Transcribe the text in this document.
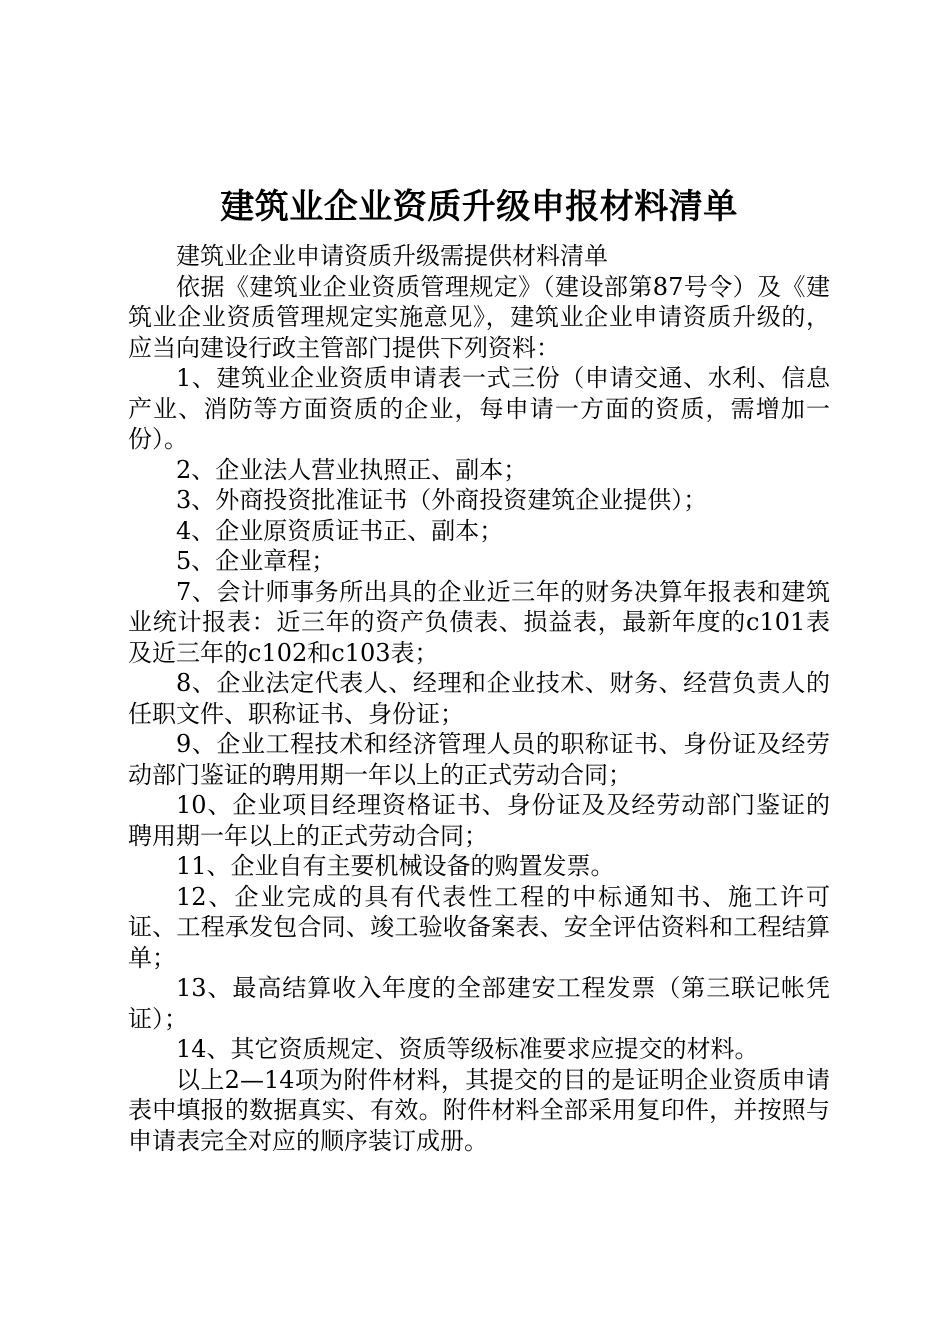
建筑业企业资质升级申报材料清单

建筑业企业申请资质升级需提供材料清单

依据《建筑业企业资质管理规定》（建设部第87号令）及《建筑业企业资质管理规定实施意见》，建筑业企业申请资质升级的，应当向建设行政主管部门提供下列资料：

1、建筑业企业资质申请表一式三份（申请交通、水利、信息产业、消防等方面资质的企业，每申请一方面的资质，需增加一份）。

2、企业法人营业执照正、副本；

3、外商投资批准证书（外商投资建筑企业提供）；

4、企业原资质证书正、副本；

5、企业章程；

7、会计师事务所出具的企业近三年的财务决算年报表和建筑业统计报表：近三年的资产负债表、损益表，最新年度的c101表及近三年的c102和c103表；

8、企业法定代表人、经理和企业技术、财务、经营负责人的任职文件、职称证书、身份证；

9、企业工程技术和经济管理人员的职称证书、身份证及经劳动部门鉴证的聘用期一年以上的正式劳动合同；

10、企业项目经理资格证书、身份证及及经劳动部门鉴证的聘用期一年以上的正式劳动合同；

11、企业自有主要机械设备的购置发票。

12、企业完成的具有代表性工程的中标通知书、施工许可证、工程承发包合同、竣工验收备案表、安全评估资料和工程结算单；

13、最高结算收入年度的全部建安工程发票（第三联记帐凭证）；

14、其它资质规定、资质等级标准要求应提交的材料。

以上2—14项为附件材料，其提交的目的是证明企业资质申请表中填报的数据真实、有效。附件材料全部采用复印件，并按照与申请表完全对应的顺序装订成册。
